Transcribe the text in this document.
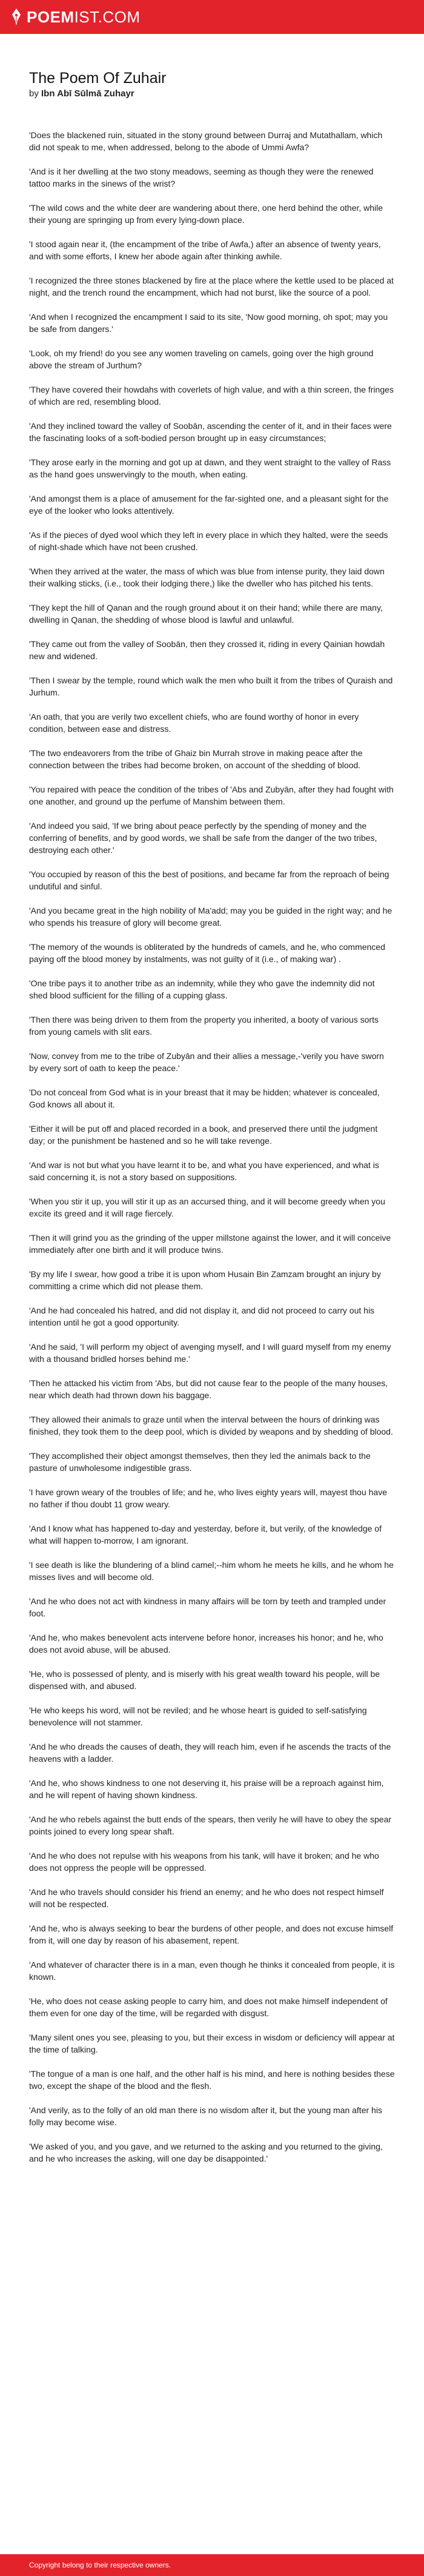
POEMIST.COM
The Poem Of Zuhair
by Ibn Abī Sūlmā Zuhayr

'Does the blackened ruin, situated in the stony ground between Durraj and Mutathallam, which did not speak to me, when addressed, belong to the abode of Ummi Awfa?

'And is it her dwelling at the two stony meadows, seeming as though they were the renewed tattoo marks in the sinews of the wrist?

'The wild cows and the white deer are wandering about there, one herd behind the other, while their young are springing up from every lying-down place.

'I stood again near it, (the encampment of the tribe of Awfa,) after an absence of twenty years, and with some efforts, I knew her abode again after thinking awhile.

'I recognized the three stones blackened by fire at the place where the kettle used to be placed at night, and the trench round the encampment, which had not burst, like the source of a pool.

'And when I recognized the encampment I said to its site, 'Now good morning, oh spot; may you be safe from dangers.'

'Look, oh my friend! do you see any women traveling on camels, going over the high ground above the stream of Jurthum?

'They have covered their howdahs with coverlets of high value, and with a thin screen, the fringes of which are red, resembling blood.

'And they inclined toward the valley of Soobān, ascending the center of it, and in their faces were the fascinating looks of a soft-bodied person brought up in easy circumstances;

'They arose early in the morning and got up at dawn, and they went straight to the valley of Rass as the hand goes unswervingly to the mouth, when eating.

'And amongst them is a place of amusement for the far-sighted one, and a pleasant sight for the eye of the looker who looks attentively.

'As if the pieces of dyed wool which they left in every place in which they halted, were the seeds of night-shade which have not been crushed.

'When they arrived at the water, the mass of which was blue from intense purity, they laid down their walking sticks, (i.e., took their lodging there,) like the dweller who has pitched his tents.

'They kept the hill of Qanan and the rough ground about it on their hand; while there are many, dwelling in Qanan, the shedding of whose blood is lawful and unlawful.

'They came out from the valley of Soobān, then they crossed it, riding in every Qainian howdah new and widened.

'Then I swear by the temple, round which walk the men who built it from the tribes of Quraish and Jurhum.

'An oath, that you are verily two excellent chiefs, who are found worthy of honor in every condition, between ease and distress.

'The two endeavorers from the tribe of Ghaiz bin Murrah strove in making peace after the connection between the tribes had become broken, on account of the shedding of blood.

'You repaired with peace the condition of the tribes of 'Abs and Zubyān, after they had fought with one another, and ground up the perfume of Manshim between them.

'And indeed you said, 'If we bring about peace perfectly by the spending of money and the conferring of benefits, and by good words, we shall be safe from the danger of the two tribes, destroying each other.'

'You occupied by reason of this the best of positions, and became far from the reproach of being undutiful and sinful.

'And you became great in the high nobility of Ma'add; may you be guided in the right way; and he who spends his treasure of glory will become great.

'The memory of the wounds is obliterated by the hundreds of camels, and he, who commenced paying off the blood money by instalments, was not guilty of it (i.e., of making war) .

'One tribe pays it to another tribe as an indemnity, while they who gave the indemnity did not shed blood sufficient for the filling of a cupping glass.

'Then there was being driven to them from the property you inherited, a booty of various sorts from young camels with slit ears.

'Now, convey from me to the tribe of Zubyān and their allies a message,-'verily you have sworn by every sort of oath to keep the peace.'

'Do not conceal from God what is in your breast that it may be hidden; whatever is concealed, God knows all about it.

'Either it will be put off and placed recorded in a book, and preserved there until the judgment day; or the punishment be hastened and so he will take revenge.

'And war is not but what you have learnt it to be, and what you have experienced, and what is said concerning it, is not a story based on suppositions.

'When you stir it up, you will stir it up as an accursed thing, and it will become greedy when you excite its greed and it will rage fiercely.

'Then it will grind you as the grinding of the upper millstone against the lower, and it will conceive immediately after one birth and it will produce twins.

'By my life I swear, how good a tribe it is upon whom Husain Bin Zamzam brought an injury by committing a crime which did not please them.

'And he had concealed his hatred, and did not display it, and did not proceed to carry out his intention until he got a good opportunity.

'And he said, 'I will perform my object of avenging myself, and I will guard myself from my enemy with a thousand bridled horses behind me.'

'Then he attacked his victim from 'Abs, but did not cause fear to the people of the many houses, near which death had thrown down his baggage.

'They allowed their animals to graze until when the interval between the hours of drinking was finished, they took them to the deep pool, which is divided by weapons and by shedding of blood.

'They accomplished their object amongst themselves, then they led the animals back to the pasture of unwholesome indigestible grass.

'I have grown weary of the troubles of life; and he, who lives eighty years will, mayest thou have no father if thou doubt 11 grow weary.

'And I know what has happened to-day and yesterday, before it, but verily, of the knowledge of what will happen to-morrow, I am ignorant.

'I see death is like the blundering of a blind camel;--him whom he meets he kills, and he whom he misses lives and will become old.

'And he who does not act with kindness in many affairs will be torn by teeth and trampled under foot.

'And he, who makes benevolent acts intervene before honor, increases his honor; and he, who does not avoid abuse, will be abused.

'He, who is possessed of plenty, and is miserly with his great wealth toward his people, will be dispensed with, and abused.

'He who keeps his word, will not be reviled; and he whose heart is guided to self-satisfying benevolence will not stammer.

'And he who dreads the causes of death, they will reach him, even if he ascends the tracts of the heavens with a ladder.

'And he, who shows kindness to one not deserving it, his praise will be a reproach against him, and he will repent of having shown kindness.

'And he who rebels against the butt ends of the spears, then verily he will have to obey the spear points joined to every long spear shaft.

'And he who does not repulse with his weapons from his tank, will have it broken; and he who does not oppress the people will be oppressed.

'And he who travels should consider his friend an enemy; and he who does not respect himself will not be respected.

'And he, who is always seeking to bear the burdens of other people, and does not excuse himself from it, will one day by reason of his abasement, repent.

'And whatever of character there is in a man, even though he thinks it concealed from people, it is known.

'He, who does not cease asking people to carry him, and does not make himself independent of them even for one day of the time, will be regarded with disgust.

'Many silent ones you see, pleasing to you, but their excess in wisdom or deficiency will appear at the time of talking.

'The tongue of a man is one half, and the other half is his mind, and here is nothing besides these two, except the shape of the blood and the flesh.

'And verily, as to the folly of an old man there is no wisdom after it, but the young man after his folly may become wise.

'We asked of you, and you gave, and we returned to the asking and you returned to the giving, and he who increases the asking, will one day be disappointed.'

Copyright belong to their respective owners.
